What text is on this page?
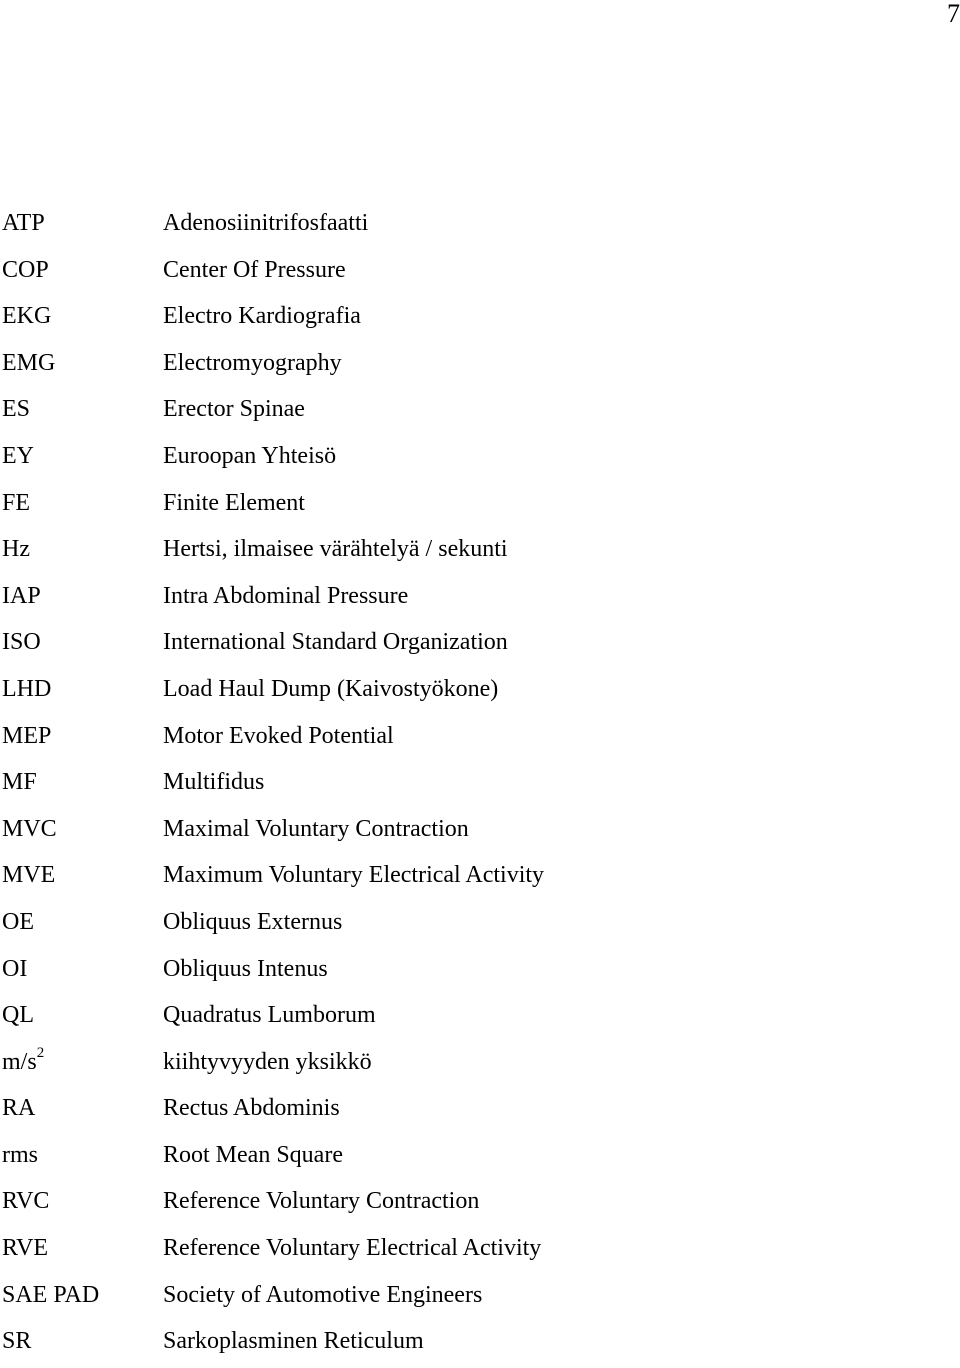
7
ATP	Adenosiinitrifosfaatti
COP	Center Of Pressure
EKG	Electro Kardiografia
EMG	Electromyography
ES	Erector Spinae
EY	Euroopan Yhteisö
FE	Finite Element
Hz	Hertsi, ilmaisee värähtelyä / sekunti
IAP	Intra Abdominal Pressure
ISO	International Standard Organization
LHD	Load Haul Dump (Kaivostyökone)
MEP	Motor Evoked Potential
MF	Multifidus
MVC	Maximal Voluntary Contraction
MVE	Maximum Voluntary Electrical Activity
OE	Obliquus Externus
OI	Obliquus Intenus
QL	Quadratus Lumborum
$m/s^2$	kiihtyvyyden yksikkö
RA	Rectus Abdominis
rms	Root Mean Square
RVC	Reference Voluntary Contraction
RVE	Reference Voluntary Electrical Activity
SAE PAD	Society of Automotive Engineers
SR	Sarkoplasminen Reticulum
